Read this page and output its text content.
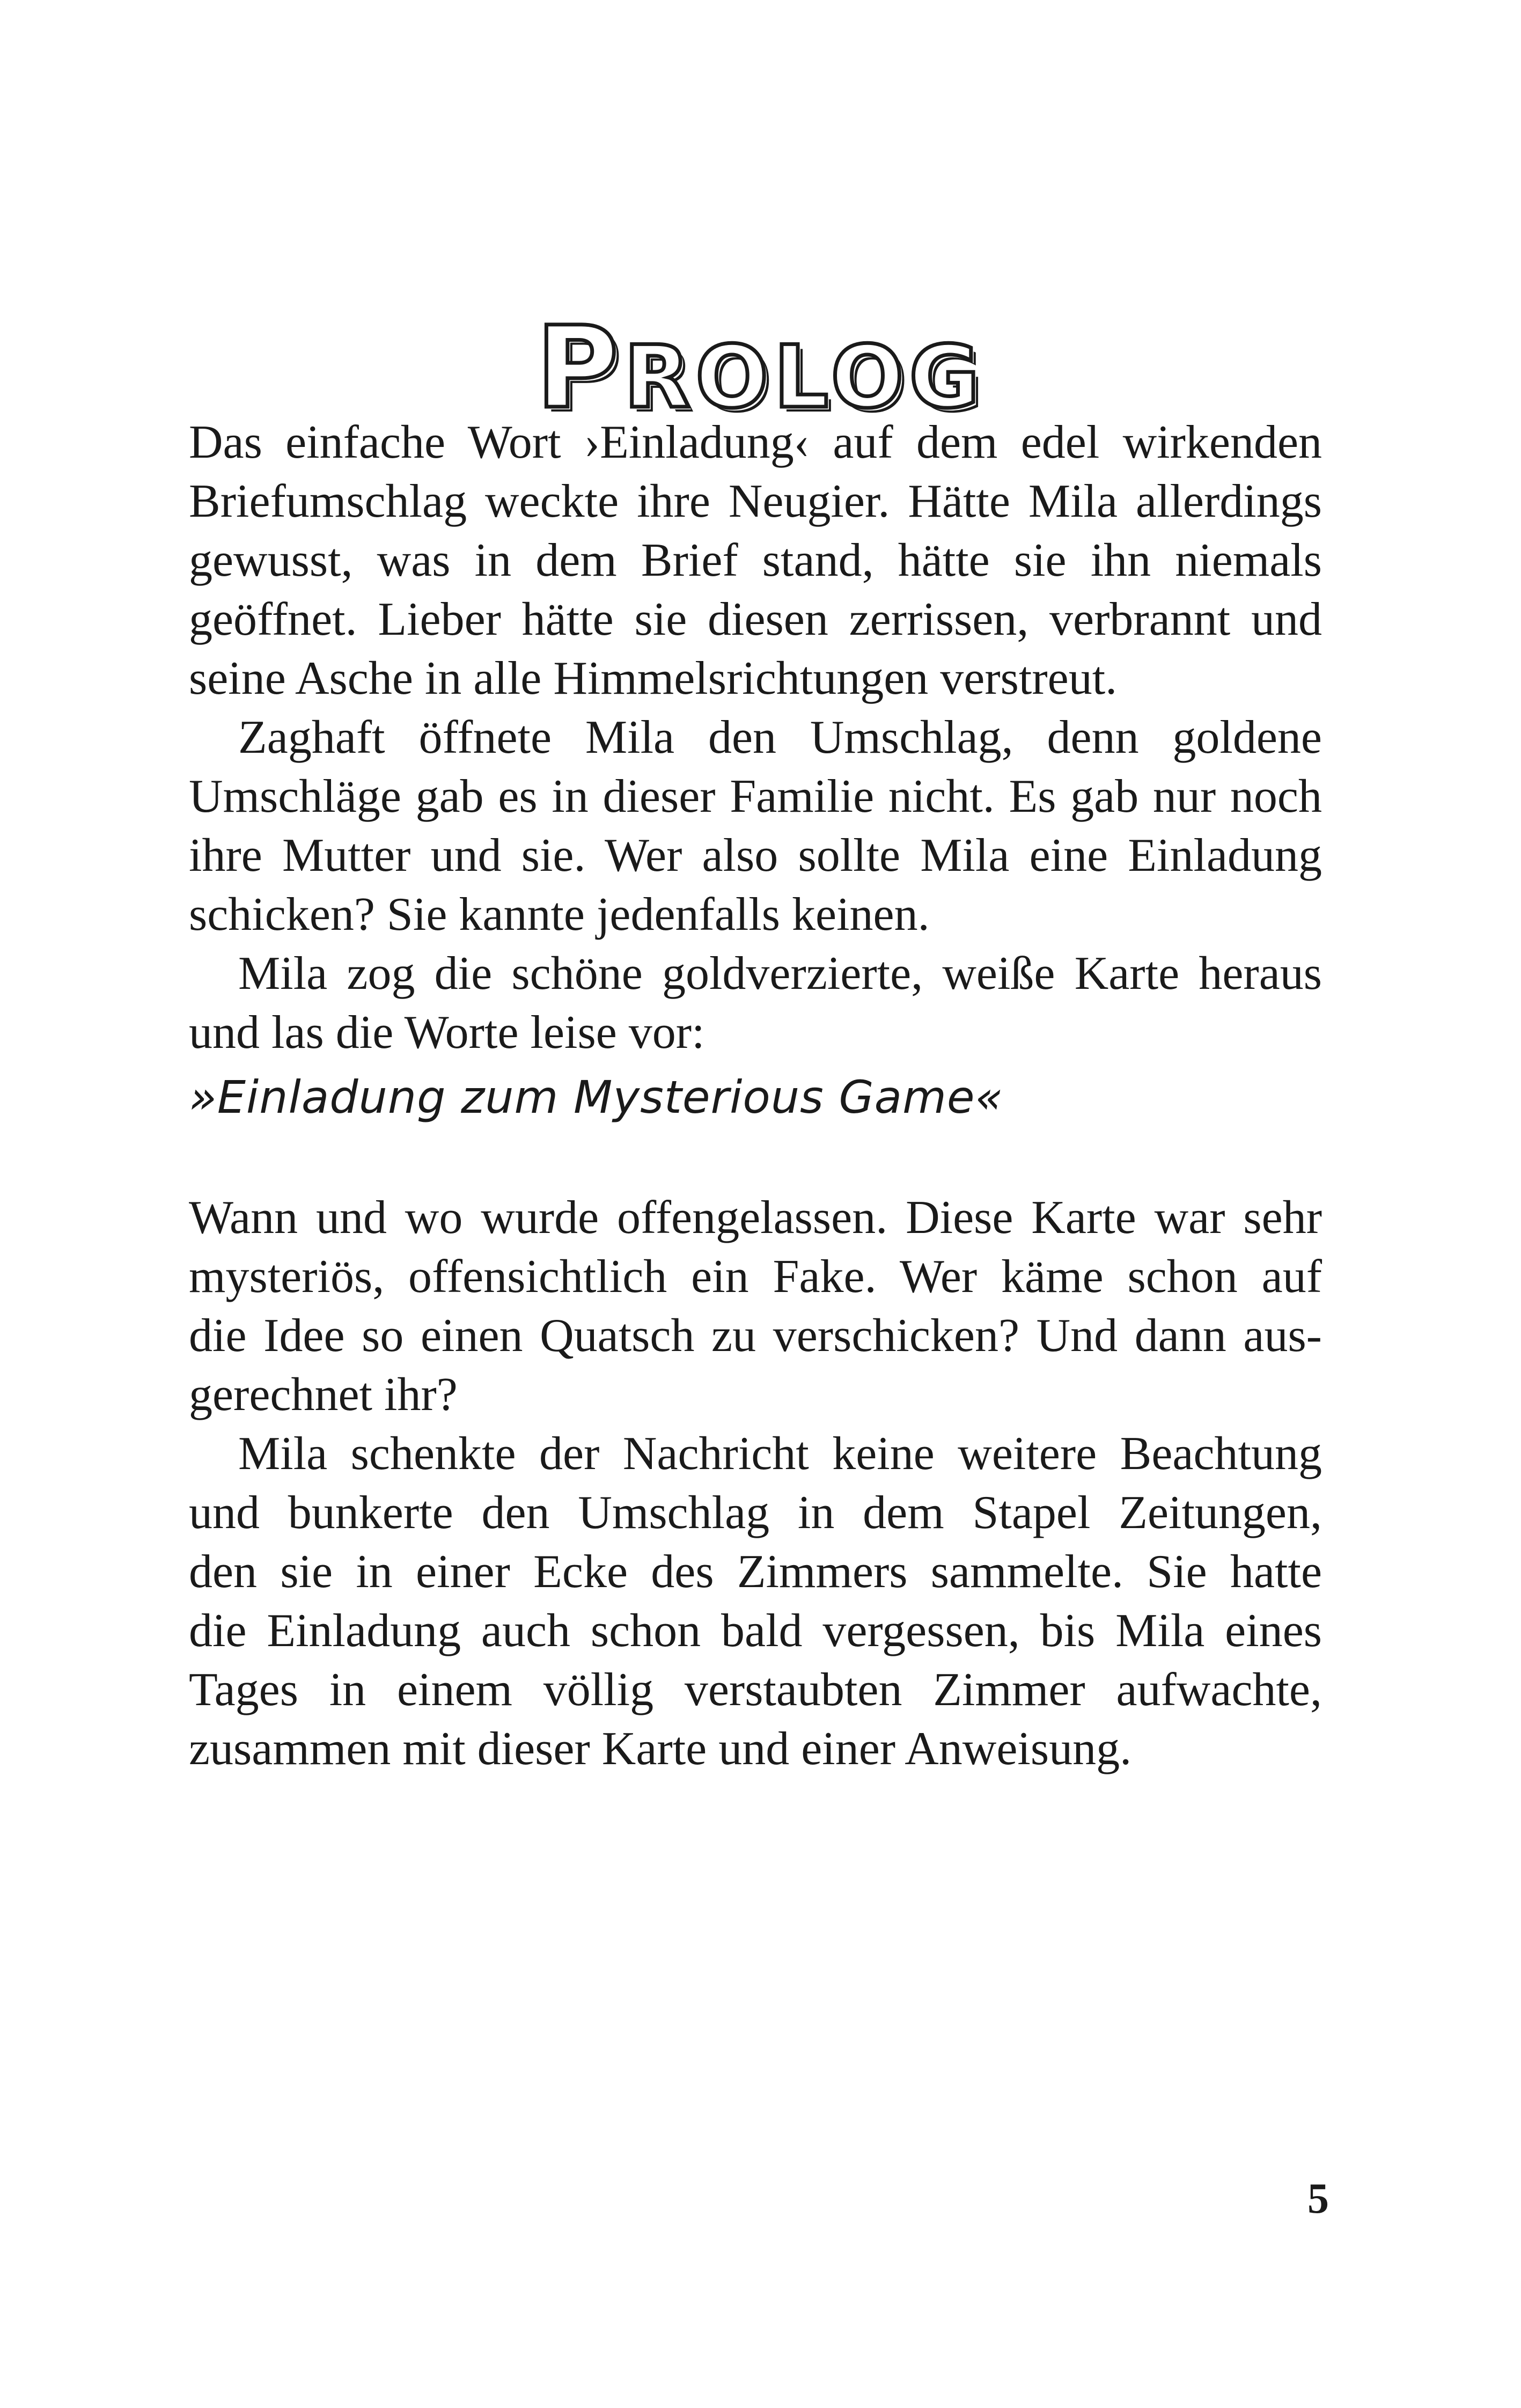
PROLOG

Das einfache Wort ›Einladung‹ auf dem edel wirkenden
Briefumschlag weckte ihre Neugier. Hätte Mila allerdings
gewusst, was in dem Brief stand, hätte sie ihn niemals
geöffnet. Lieber hätte sie diesen zerrissen, verbrannt und
seine Asche in alle Himmelsrichtungen verstreut.

Zaghaft öffnete Mila den Umschlag, denn goldene
Umschläge gab es in dieser Familie nicht. Es gab nur noch
ihre Mutter und sie. Wer also sollte Mila eine Einladung
schicken? Sie kannte jedenfalls keinen.

Mila zog die schöne goldverzierte, weiße Karte heraus
und las die Worte leise vor:

»Einladung zum Mysterious Game«

Wann und wo wurde offengelassen. Diese Karte war sehr
mysteriös, offensichtlich ein Fake. Wer käme schon auf
die Idee so einen Quatsch zu verschicken? Und dann aus-
gerechnet ihr?

Mila schenkte der Nachricht keine weitere Beachtung
und bunkerte den Umschlag in dem Stapel Zeitungen,
den sie in einer Ecke des Zimmers sammelte. Sie hatte
die Einladung auch schon bald vergessen, bis Mila eines
Tages in einem völlig verstaubten Zimmer aufwachte,
zusammen mit dieser Karte und einer Anweisung.

5
